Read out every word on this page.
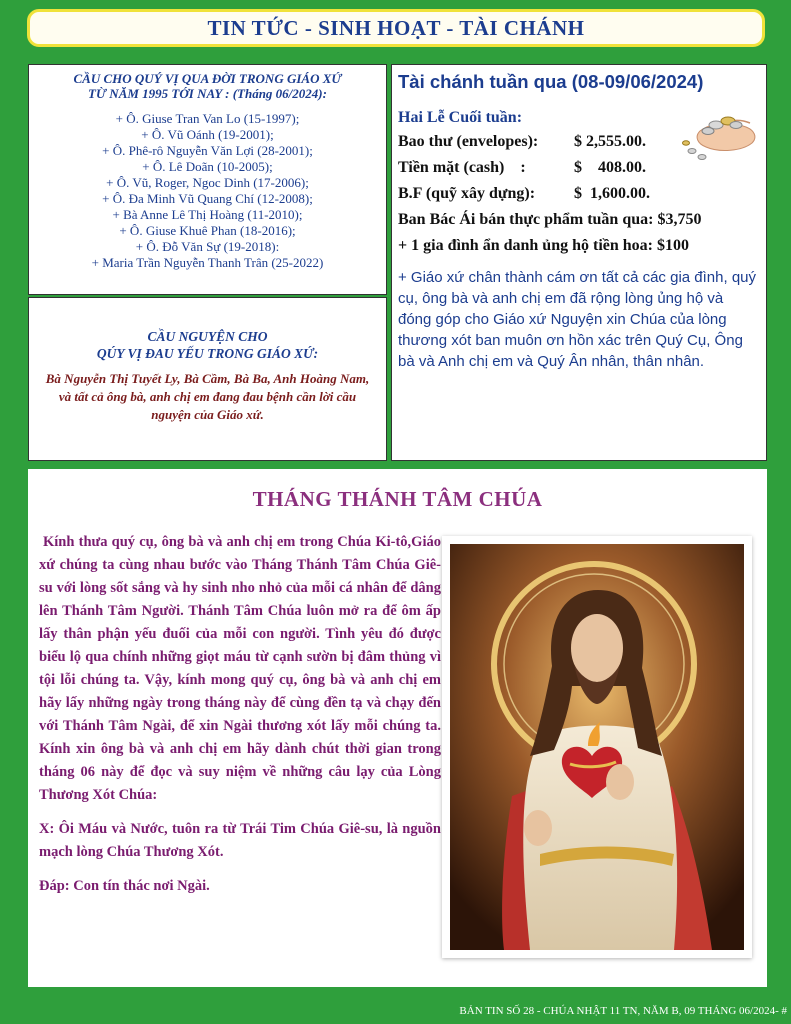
TIN TỨC - SINH HOẠT - TÀI CHÁNH
CẦU CHO QUÝ VỊ QUA ĐỜI TRONG GIÁO XỨ
TỪ NĂM 1995 TỚI NAY : (Tháng 06/2024):
+ Ô. Giuse Tran Van Lo (15-1997);
+ Ô. Vũ Oánh (19-2001);
+ Ô. Phê-rô Nguyễn Văn Lợi (28-2001);
+ Ô. Lê Doãn (10-2005);
+ Ô. Vũ, Roger, Ngoc Dinh (17-2006);
+ Ô. Đa Minh Vũ Quang Chí (12-2008);
+ Bà Anne Lê Thị Hoàng (11-2010);
+ Ô. Giuse Khuê Phan (18-2016);
+ Ô. Đỗ Văn Sự (19-2018):
+ Maria Trần Nguyễn Thanh Trân (25-2022)
CẦU NGUYỆN CHO
QÚY VỊ ĐAU YẾU TRONG GIÁO XỨ:
Bà Nguyễn Thị Tuyết Ly, Bà Cầm, Bà Ba, Anh Hoàng Nam, và tất cả ông bà, anh chị em đang đau bệnh cần lời cầu nguyện của Giáo xứ.
Tài chánh tuần qua (08-09/06/2024)
Hai Lễ Cuối tuần:
Bao thư (envelopes): $ 2,555.00.
Tiền mặt (cash)    :	$    408.00.
B.F (quỹ xây dựng): $  1,600.00.
Ban Bác Ái bán thực phẩm tuần qua: $3,750
+ 1 gia đình ẩn danh ủng hộ tiền hoa: $100
+ Giáo xứ chân thành cám ơn tất cả các gia đình, quý cụ, ông bà và anh chị em đã rộng lòng ủng hộ và đóng góp cho Giáo xứ Nguyện xin Chúa của lòng thương xót ban muôn ơn hồn xác trên Quý Cụ, Ông bà và Anh chị em và Quý Ân nhân, thân nhân.
THÁNG THÁNH TÂM CHÚA

Kính thưa quý cụ, ông bà và anh chị em trong Chúa Ki-tô,Giáo xứ chúng ta cùng nhau bước vào Tháng Thánh Tâm Chúa Giê-su với lòng sốt sắng và hy sinh nho nhỏ của mỗi cá nhân để dâng lên Thánh Tâm Người. Thánh Tâm Chúa luôn mở ra để ôm ấp lấy thân phận yếu đuối của mỗi con người. Tình yêu đó được biểu lộ qua chính những giọt máu từ cạnh sườn bị đâm thủng vì tội lỗi chúng ta. Vậy, kính mong quý cụ, ông bà và anh chị em hãy lấy những ngày trong tháng này để cùng đền tạ và chạy đến với Thánh Tâm Ngài, để xin Ngài thương xót lấy mỗi chúng ta. Kính xin ông bà và anh chị em hãy dành chút thời gian trong tháng 06 này để đọc và suy niệm về những câu lạy của Lòng Thương Xót Chúa:

X: Ôi Máu và Nước, tuôn ra từ Trái Tim Chúa Giê-su, là nguồn mạch lòng Chúa Thương Xót.

Đáp: Con tín thác nơi Ngài.

BẢN TIN SỐ 28 - CHÚA NHẬT 11 TN, NĂM B, 09 THÁNG 06/2024- #
